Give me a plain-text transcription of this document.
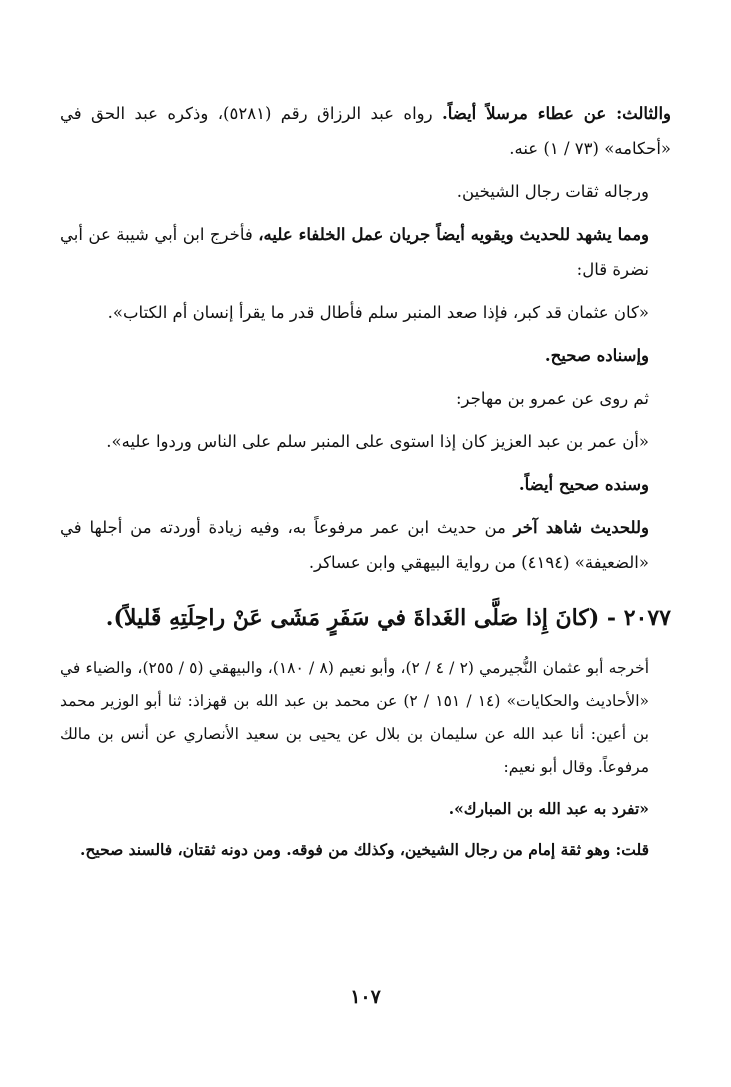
والثالث: عن عطاء مرسلاً أيضاً. رواه عبد الرزاق رقم (٥٢٨١)، وذكره عبد الحق في «أحكامه» (٧٣ / ١) عنه.

ورجاله ثقات رجال الشيخين.

ومما يشهد للحديث ويقويه أيضاً جريان عمل الخلفاء عليه، فأخرج ابن أبي شيبة عن أبي نضرة قال:

«كان عثمان قد كبر، فإذا صعد المنبر سلم فأطال قدر ما يقرأ إنسان أم الكتاب».

وإسناده صحيح.

ثم روى عن عمرو بن مهاجر:

«أن عمر بن عبد العزيز كان إذا استوى على المنبر سلم على الناس وردوا عليه».

وسنده صحيح أيضاً.

وللحديث شاهد آخر من حديث ابن عمر مرفوعاً به، وفيه زيادة أوردته من أجلها في «الضعيفة» (٤١٩٤) من رواية البيهقي وابن عساكر.

٢٠٧٧ - (كانَ إِذا صَلَّى الغَداةَ في سَفَرٍ مَشَى عَنْ راحِلَتِهِ قَليلاً).

أخرجه أبو عثمان النُّجيرمي (٢ / ٤ / ٢)، وأبو نعيم (٨ / ١٨٠)، والبيهقي (٥ / ٢٥٥)، والضياء في «الأحاديث والحكايات» (١٤ / ١٥١ / ٢) عن محمد بن عبد الله بن قهزاذ: ثنا أبو الوزير محمد بن أعين: أنا عبد الله عن سليمان بن بلال عن يحيى بن سعيد الأنصاري عن أنس بن مالك مرفوعاً. وقال أبو نعيم:

«تفرد به عبد الله بن المبارك».

قلت: وهو ثقة إمام من رجال الشيخين، وكذلك من فوقه. ومن دونه ثقتان، فالسند صحيح.

١٠٧
